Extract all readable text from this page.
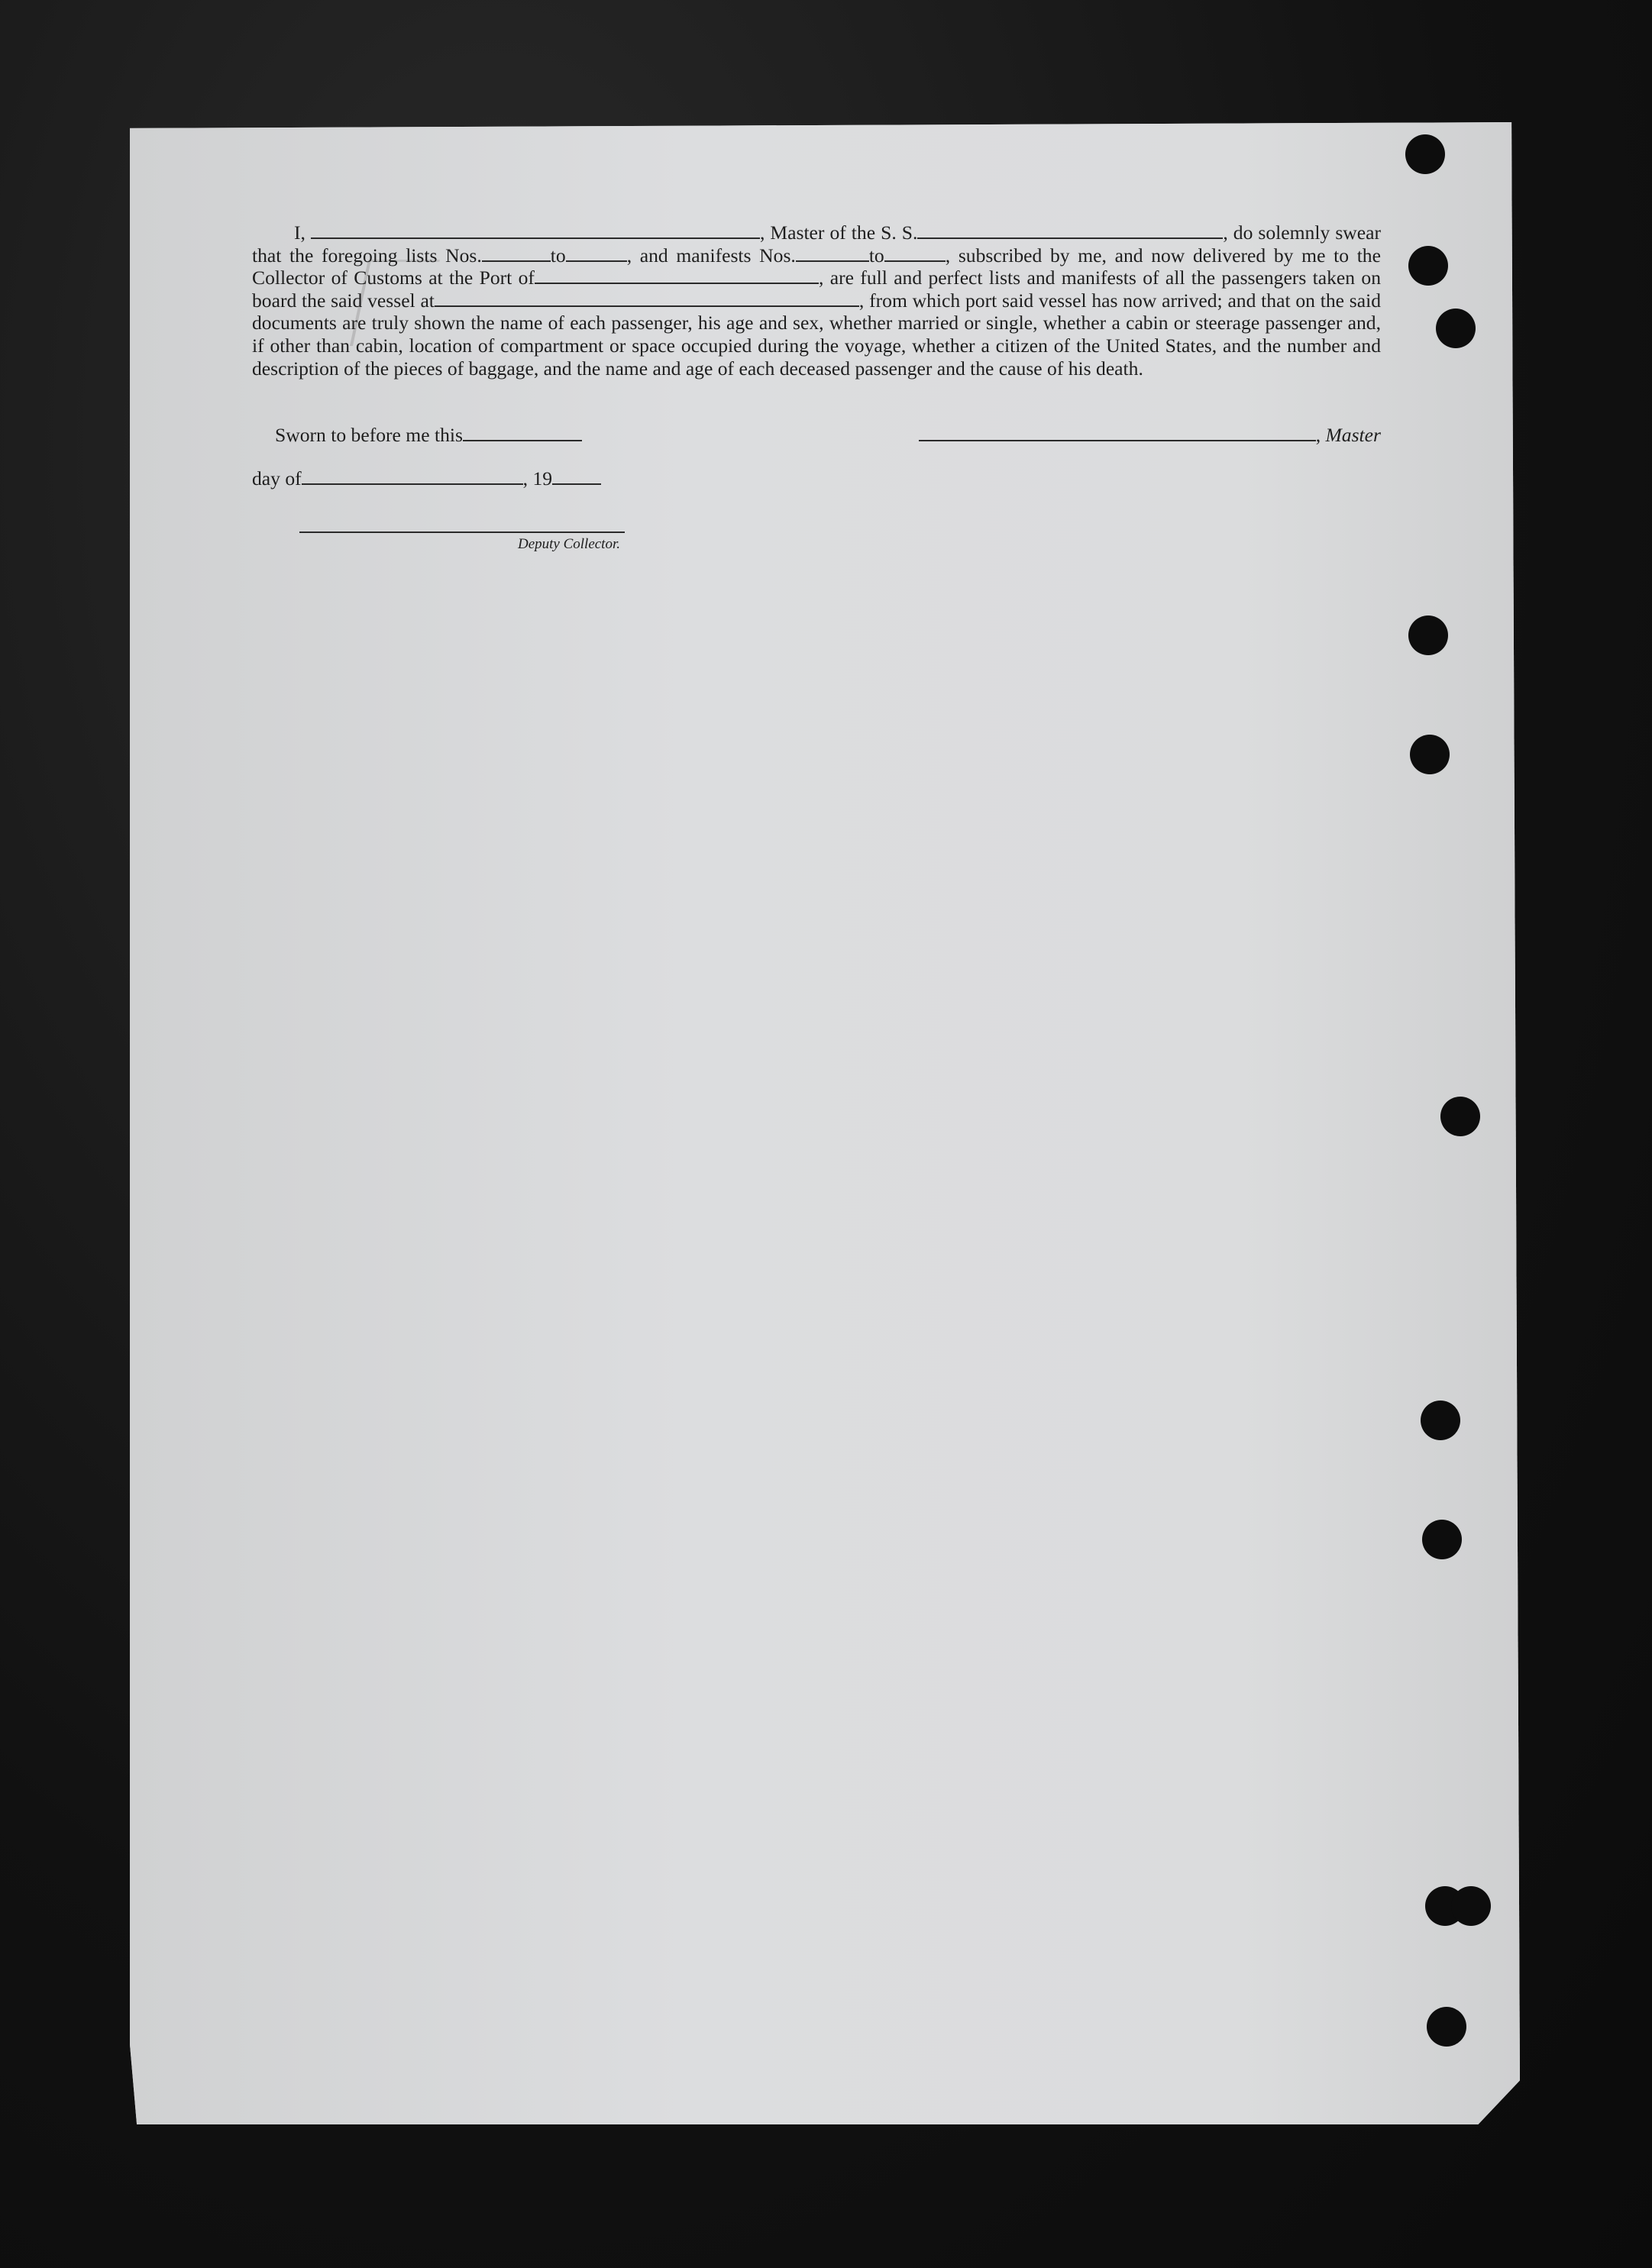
I,	, Master of the S. S.	, do solemnly swear that the foregoing lists Nos.	to	, and manifests Nos.	to	, subscribed by me, and now delivered by me to the Collector of Customs at the Port of	, are full and perfect lists and manifests of all the passengers taken on board the said vessel at	, from which port said vessel has now arrived; and that on the said documents are truly shown the name of each passenger, his age and sex, whether married or single, whether a cabin or steerage passenger and, if other than cabin, location of compartment or space occupied during the voyage, whether a citizen of the United States, and the number and description of the pieces of baggage, and the name and age of each deceased passenger and the cause of his death.
Sworn to before me this	, Master
day of	, 19
Deputy Collector.
